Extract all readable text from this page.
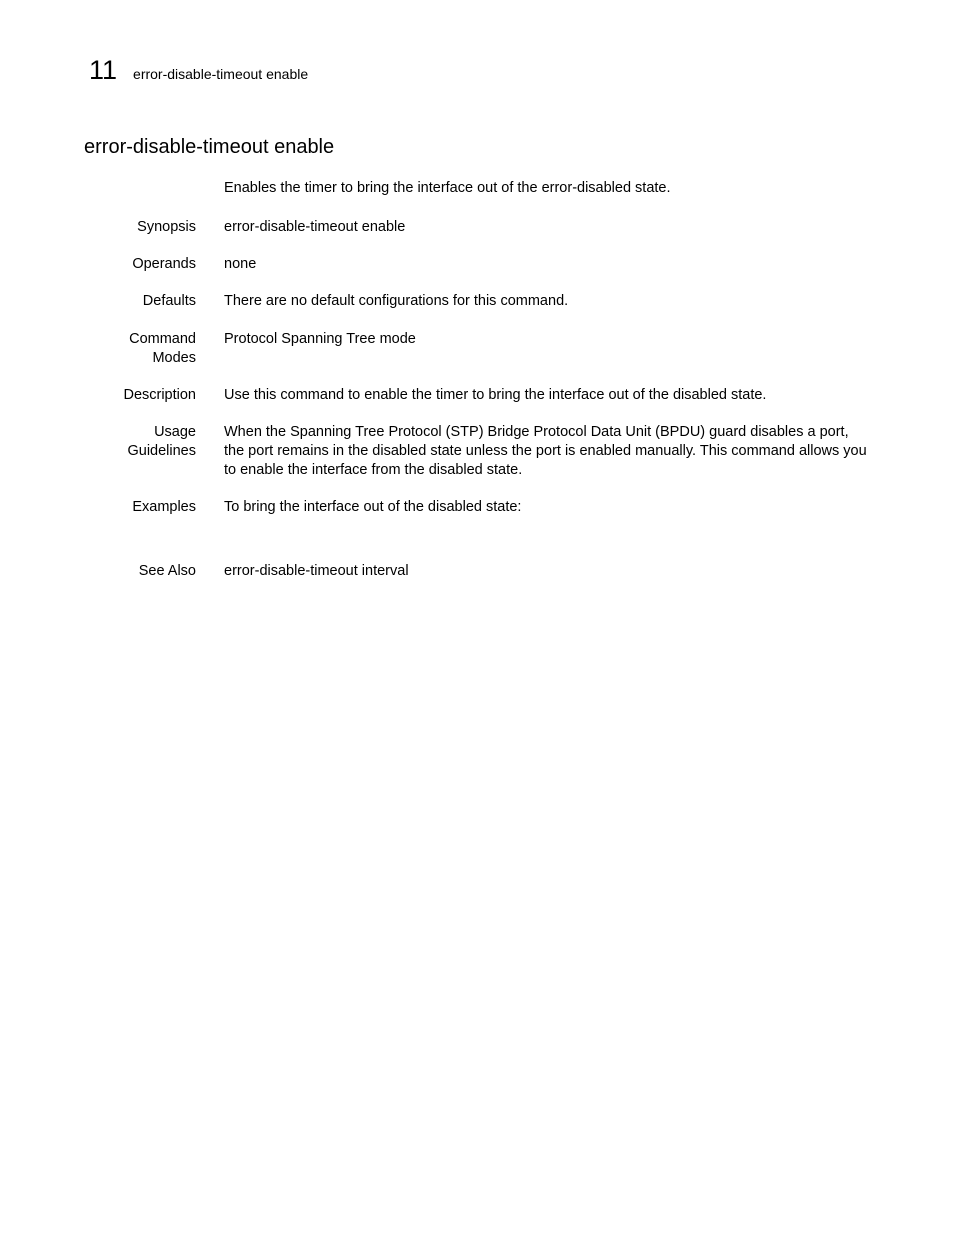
11 error-disable-timeout enable
error-disable-timeout enable
Enables the timer to bring the interface out of the error-disabled state.
Synopsis error-disable-timeout enable
Operands none
Defaults There are no default configurations for this command.
Command
Modes
Protocol Spanning Tree mode
Description Use this command to enable the timer to bring the interface out of the disabled state.
Usage
Guidelines
When the Spanning Tree Protocol (STP) Bridge Protocol Data Unit (BPDU) guard disables a port, the port remains in the disabled state unless the port is enabled manually. This command allows you to enable the interface from the disabled state.
Examples To bring the interface out of the disabled state:
See Also error-disable-timeout interval
